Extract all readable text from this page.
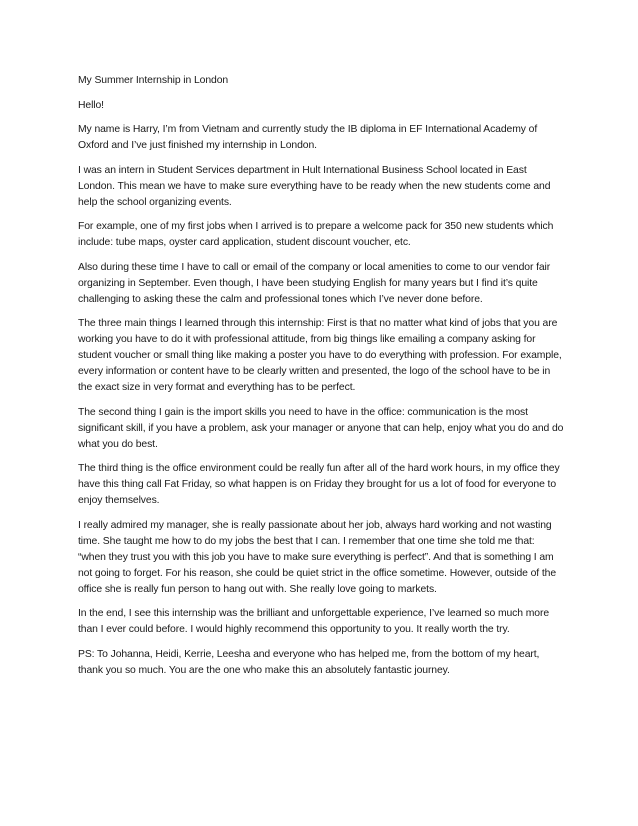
My Summer Internship in London

Hello!

My name is Harry, I’m from Vietnam and currently study the IB diploma in EF International Academy of Oxford and I’ve just finished my internship in London.

I was an intern in Student Services department in Hult International Business School located in East London. This mean we have to make sure everything have to be ready when the new students come and help the school organizing events.

For example, one of my first jobs when I arrived is to prepare a welcome pack for 350 new students which include: tube maps, oyster card application, student discount voucher, etc.

Also during these time I have to call or email of the company or local amenities to come to our vendor fair organizing in September. Even though, I have been studying English for many years but I find it’s quite challenging to asking these the calm and professional tones which I’ve never done before.

The three main things I learned through this internship: First is that no matter what kind of jobs that you are working you have to do it with professional attitude, from big things like emailing a company asking for student voucher or small thing like making a poster you have to do everything with profession. For example, every information or content have to be clearly written and presented, the logo of the school have to be in the exact size in very format and everything has to be perfect.

The second thing I gain is the import skills you need to have in the office: communication is the most significant skill, if you have a problem, ask your manager or anyone that can help, enjoy what you do and do what you do best.

The third thing is the office environment could be really fun after all of the hard work hours, in my office they have this thing call Fat Friday, so what happen is on Friday they brought for us a lot of food for everyone to enjoy themselves.

I really admired my manager, she is really passionate about her job, always hard working and not wasting time. She taught me how to do my jobs the best that I can. I remember that one time she told me that: “when they trust you with this job you have to make sure everything is perfect”. And that is something I am not going to forget. For his reason, she could be quiet strict in the office sometime. However, outside of the office she is really fun person to hang out with. She really love going to markets.

In the end, I see this internship was the brilliant and unforgettable experience, I’ve learned so much more than I ever could before. I would highly recommend this opportunity to you. It really worth the try.

PS: To Johanna, Heidi, Kerrie, Leesha and everyone who has helped me, from the bottom of my heart, thank you so much. You are the one who make this an absolutely fantastic journey.
